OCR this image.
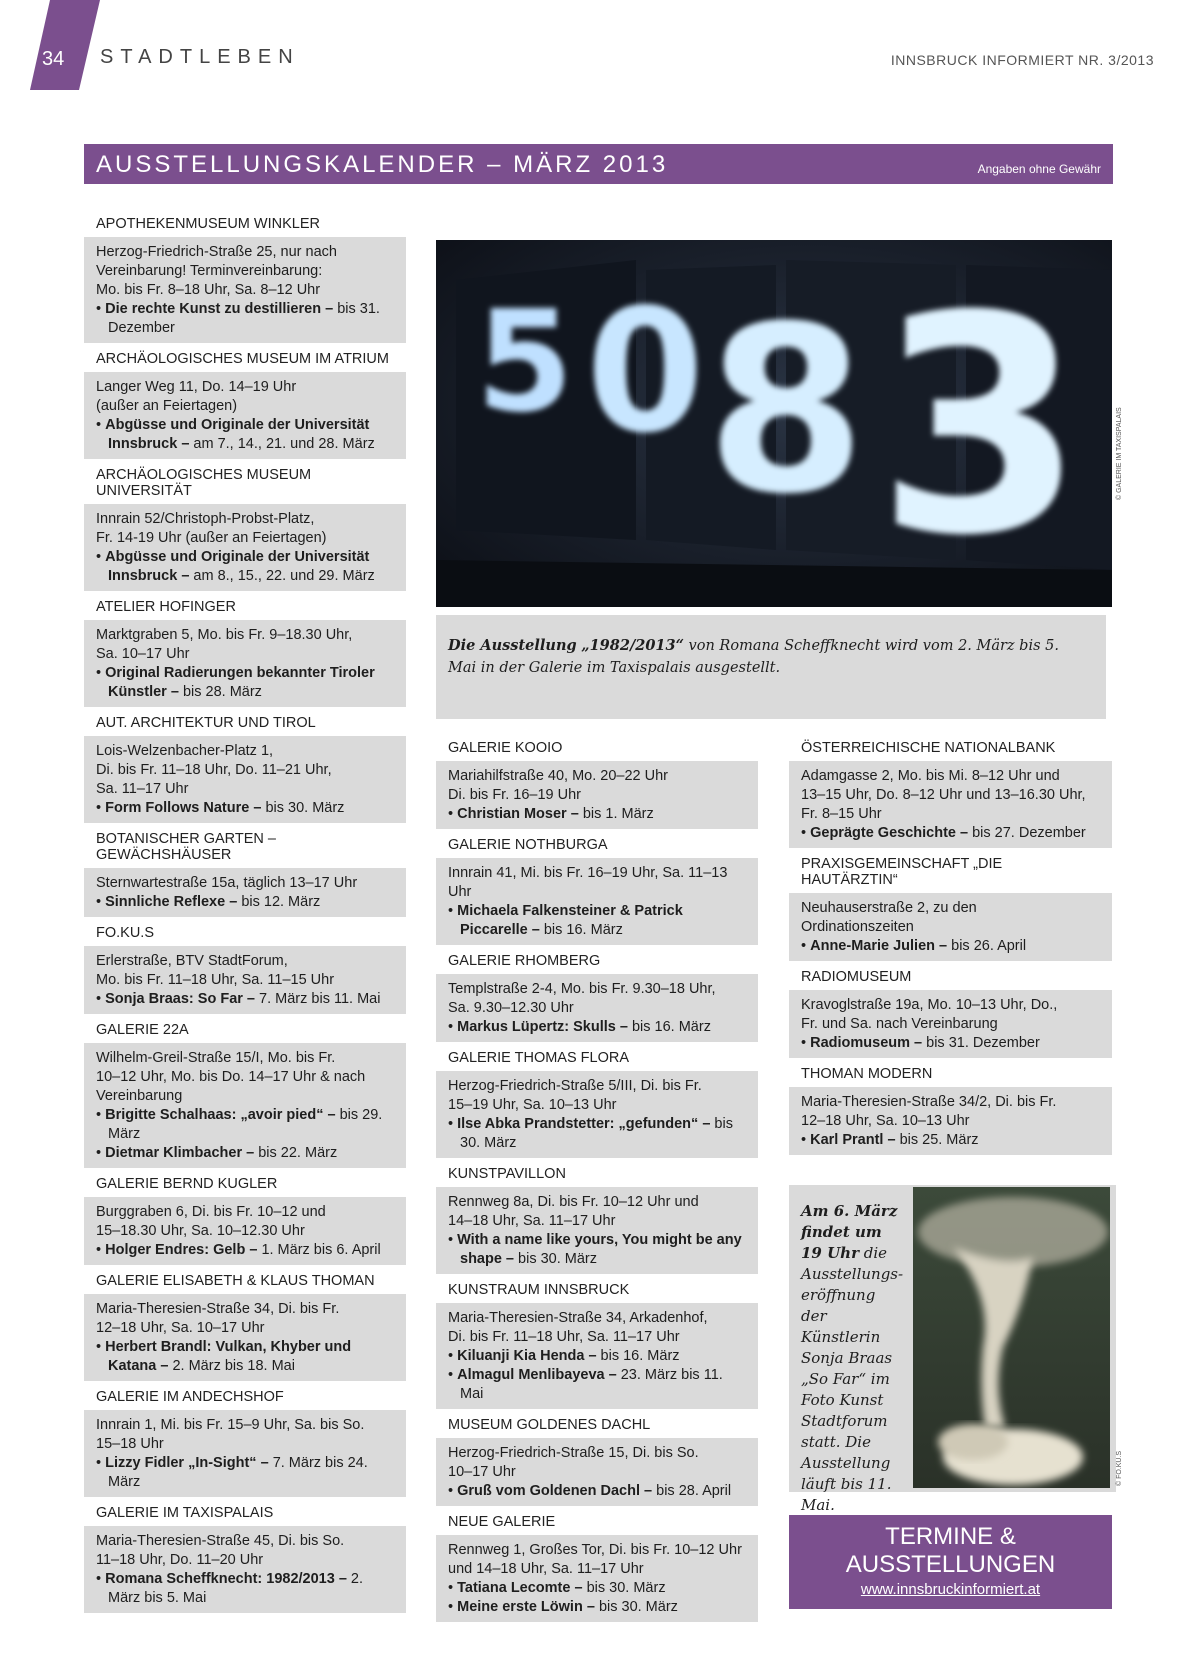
34 STADTLEBEN	INNSBRUCK INFORMIERT NR. 3/2013
AUSSTELLUNGSKALENDER – MÄRZ 2013	Angaben ohne Gewähr
APOTHEKENMUSEUM WINKLER
Herzog-Friedrich-Straße 25, nur nach
Vereinbarung! Terminvereinbarung:
Mo. bis Fr. 8–18 Uhr, Sa. 8–12 Uhr
• Die rechte Kunst zu destillieren – bis 31. Dezember
ARCHÄOLOGISCHES MUSEUM IM ATRIUM
Langer Weg 11, Do. 14–19 Uhr
(außer an Feiertagen)
• Abgüsse und Originale der Universität Innsbruck – am 7., 14., 21. und 28. März
ARCHÄOLOGISCHES MUSEUM UNIVERSITÄT
Innrain 52/Christoph-Probst-Platz,
Fr. 14-19 Uhr (außer an Feiertagen)
• Abgüsse und Originale der Universität Innsbruck – am 8., 15., 22. und 29. März
ATELIER HOFINGER
Marktgraben 5, Mo. bis Fr. 9–18.30 Uhr,
Sa. 10–17 Uhr
• Original Radierungen bekannter Tiroler Künstler – bis 28. März
AUT. ARCHITEKTUR UND TIROL
Lois-Welzenbacher-Platz 1,
Di. bis Fr. 11–18 Uhr, Do. 11–21 Uhr,
Sa. 11–17 Uhr
• Form Follows Nature – bis 30. März
BOTANISCHER GARTEN – GEWÄCHSHÄUSER
Sternwartestraße 15a, täglich 13–17 Uhr
• Sinnliche Reflexe – bis 12. März
FO.KU.S
Erlerstraße, BTV StadtForum,
Mo. bis Fr. 11–18 Uhr, Sa. 11–15 Uhr
• Sonja Braas: So Far – 7. März bis 11. Mai
GALERIE 22A
Wilhelm-Greil-Straße 15/I, Mo. bis Fr.
10–12 Uhr, Mo. bis Do. 14–17 Uhr & nach
Vereinbarung
• Brigitte Schalhaas: „avoir pied“ – bis 29. März
• Dietmar Klimbacher – bis 22. März
GALERIE BERND KUGLER
Burggraben 6, Di. bis Fr. 10–12 und
15–18.30 Uhr, Sa. 10–12.30 Uhr
• Holger Endres: Gelb – 1. März bis 6. April
GALERIE ELISABETH & KLAUS THOMAN
Maria-Theresien-Straße 34, Di. bis Fr.
12–18 Uhr, Sa. 10–17 Uhr
• Herbert Brandl: Vulkan, Khyber und Katana – 2. März bis 18. Mai
GALERIE IM ANDECHSHOF
Innrain 1, Mi. bis Fr. 15–9 Uhr, Sa. bis So.
15–18 Uhr
• Lizzy Fidler „In-Sight“ – 7. März bis 24. März
GALERIE IM TAXISPALAIS
Maria-Theresien-Straße 45, Di. bis So.
11–18 Uhr, Do. 11–20 Uhr
• Romana Scheffknecht: 1982/2013 – 2. März bis 5. Mai
GALERIE KOOIO
Mariahilfstraße 40, Mo. 20–22 Uhr
Di. bis Fr. 16–19 Uhr
• Christian Moser – bis 1. März
GALERIE NOTHBURGA
Innrain 41, Mi. bis Fr. 16–19 Uhr, Sa. 11–13 Uhr
• Michaela Falkensteiner & Patrick Piccarelle – bis 16. März
GALERIE RHOMBERG
Templstraße 2-4, Mo. bis Fr. 9.30–18 Uhr,
Sa. 9.30–12.30 Uhr
• Markus Lüpertz: Skulls – bis 16. März
GALERIE THOMAS FLORA
Herzog-Friedrich-Straße 5/III, Di. bis Fr.
15–19 Uhr, Sa. 10–13 Uhr
• Ilse Abka Prandstetter: „gefunden“ – bis 30. März
KUNSTPAVILLON
Rennweg 8a, Di. bis Fr. 10–12 Uhr und
14–18 Uhr, Sa. 11–17 Uhr
• With a name like yours, You might be any shape – bis 30. März
KUNSTRAUM INNSBRUCK
Maria-Theresien-Straße 34, Arkadenhof,
Di. bis Fr. 11–18 Uhr, Sa. 11–17 Uhr
• Kiluanji Kia Henda – bis 16. März
• Almagul Menlibayeva – 23. März bis 11. Mai
MUSEUM GOLDENES DACHL
Herzog-Friedrich-Straße 15, Di. bis So.
10–17 Uhr
• Gruß vom Goldenen Dachl – bis 28. April
NEUE GALERIE
Rennweg 1, Großes Tor, Di. bis Fr. 10–12 Uhr
und 14–18 Uhr, Sa. 11–17 Uhr
• Tatiana Lecomte – bis 30. März
• Meine erste Löwin – bis 30. März
ÖSTERREICHISCHE NATIONALBANK
Adamgasse 2, Mo. bis Mi. 8–12 Uhr und
13–15 Uhr, Do. 8–12 Uhr und 13–16.30 Uhr,
Fr. 8–15 Uhr
• Geprägte Geschichte – bis 27. Dezember
PRAXISGEMEINSCHAFT „DIE HAUTÄRZTIN“
Neuhauserstraße 2, zu den
Ordinationszeiten
• Anne-Marie Julien – bis 26. April
RADIOMUSEUM
Kravoglstraße 19a, Mo. 10–13 Uhr, Do.,
Fr. und Sa. nach Vereinbarung
• Radiomuseum – bis 31. Dezember
THOMAN MODERN
Maria-Theresien-Straße 34/2, Di. bis Fr.
12–18 Uhr, Sa. 10–13 Uhr
• Karl Prantl – bis 25. März
5 0 8 3	© GALERIE IM TAXISPALAIS
Die Ausstellung „1982/2013“ von Romana Scheffknecht wird vom 2. März bis 5. Mai in der Galerie im Taxispalais ausgestellt.
Am 6. März findet um 19 Uhr die Ausstellungs-eröffnung der Künstlerin Sonja Braas „So Far“ im Foto Kunst Stadtforum statt. Die Ausstellung läuft bis 11. Mai.
© FO.KU.S
TERMINE &
AUSSTELLUNGEN
www.innsbruckinformiert.at
